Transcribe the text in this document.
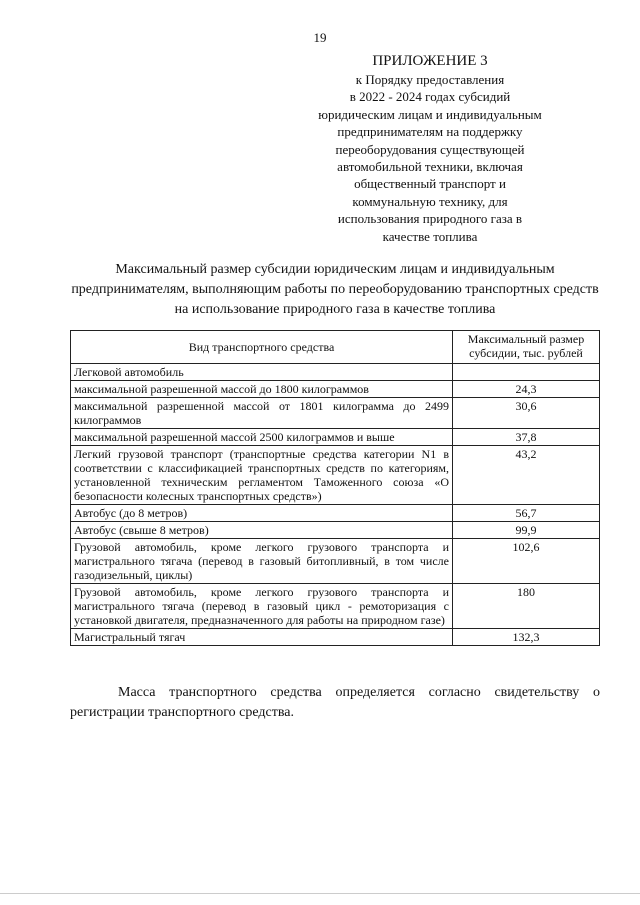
19
ПРИЛОЖЕНИЕ 3
к Порядку предоставления
в 2022 - 2024 годах субсидий
юридическим лицам и индивидуальным
предпринимателям на поддержку
переоборудования существующей
автомобильной техники, включая
общественный транспорт и
коммунальную технику, для
использования природного газа в
качестве топлива
Максимальный размер субсидии юридическим лицам и индивидуальным предпринимателям, выполняющим работы по переоборудованию транспортных средств на использование природного газа в качестве топлива
Вид транспортного средства	Максимальный размер субсидии, тыс. рублей
Легковой автомобиль	
максимальной разрешенной массой до 1800 килограммов	24,3
максимальной разрешенной массой от 1801 килограмма до 2499 килограммов	30,6
максимальной разрешенной массой 2500 килограммов и выше	37,8
Легкий грузовой транспорт (транспортные средства категории N1 в соответствии с классификацией транспортных средств по категориям, установленной техническим регламентом Таможенного союза «О безопасности колесных транспортных средств»)	43,2
Автобус (до 8 метров)	56,7
Автобус (свыше 8 метров)	99,9
Грузовой автомобиль, кроме легкого грузового транспорта и магистрального тягача (перевод в газовый битопливный, в том числе газодизельный, циклы)	102,6
Грузовой автомобиль, кроме легкого грузового транспорта и магистрального тягача (перевод в газовый цикл - ремоторизация с установкой двигателя, предназначенного для работы на природном газе)	180
Магистральный тягач	132,3
Масса транспортного средства определяется согласно свидетельству о регистрации транспортного средства.
